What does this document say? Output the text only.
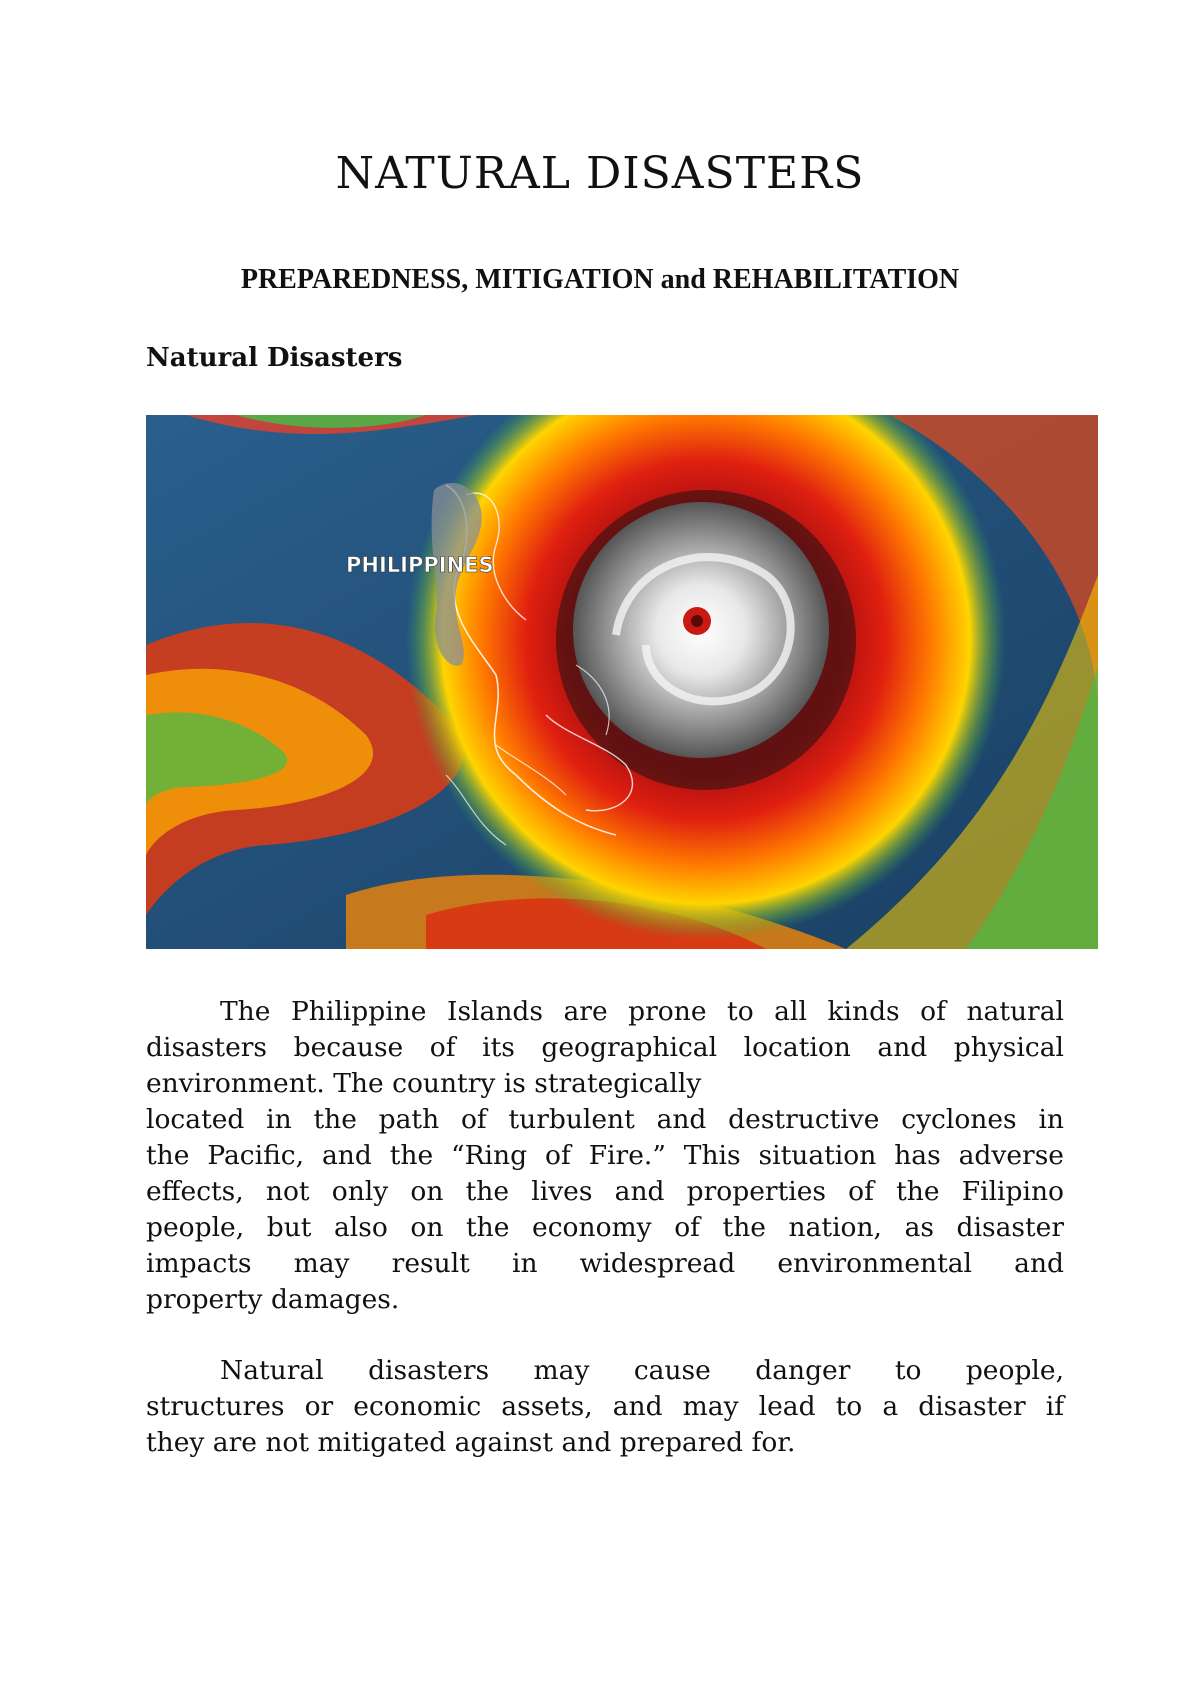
NATURAL DISASTERS
PREPAREDNESS, MITIGATION and REHABILITATION
Natural Disasters
PHILIPPINES
The Philippine Islands are prone to all kinds of natural
disasters because of its geographical location and physical
environment. The country is strategically
located in the path of turbulent and destructive cyclones in
the Pacific, and the “Ring of Fire.” This situation has adverse
effects, not only on the lives and properties of the Filipino
people, but also on the economy of the nation, as disaster
impacts may result in widespread environmental and
property damages.
Natural disasters may cause danger to people,
structures or economic assets, and may lead to a disaster if
they are not mitigated against and prepared for.
